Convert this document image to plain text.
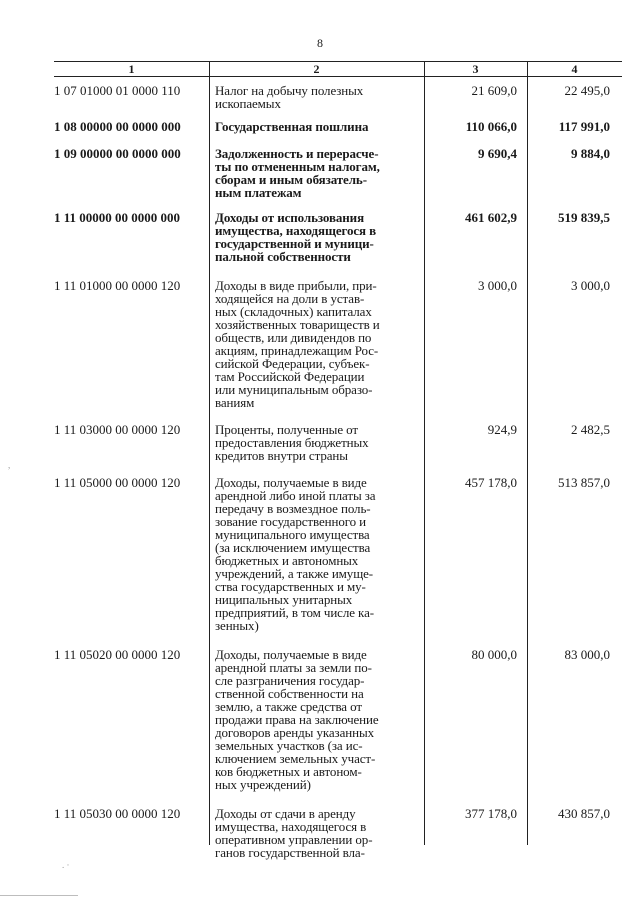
8
1	2	3	4
1 07 01000 01 0000 110	Налог на добычу полезных
ископаемых
21 609,0	22 495,0
1 08 00000 00 0000 000	Государственная пошлина	110 066,0	117 991,0
1 09 00000 00 0000 000	Задолженность и перерасче-
ты по отмененным налогам,
сборам и иным обязатель-
ным платежам
9 690,4	9 884,0
1 11 00000 00 0000 000	Доходы от использования
имущества, находящегося в
государственной и муници-
пальной собственности
461 602,9	519 839,5
1 11 01000 00 0000 120	Доходы в виде прибыли, при-
ходящейся на доли в устав-
ных (складочных) капиталах
хозяйственных товариществ и
обществ, или дивидендов по
акциям, принадлежащим Рос-
сийской Федерации, субъек-
там Российской Федерации
или муниципальным образо-
ваниям
3 000,0	3 000,0
1 11 03000 00 0000 120	Проценты, полученные от
предоставления бюджетных
кредитов внутри страны
924,9	2 482,5
1 11 05000 00 0000 120	Доходы, получаемые в виде
арендной либо иной платы за
передачу в возмездное поль-
зование государственного и
муниципального имущества
(за исключением имущества
бюджетных и автономных
учреждений, а также имуще-
ства государственных и му-
ниципальных унитарных
предприятий, в том числе ка-
зенных)
457 178,0	513 857,0
1 11 05020 00 0000 120	Доходы, получаемые в виде
арендной платы за земли по-
сле разграничения государ-
ственной собственности на
землю, а также средства от
продажи права на заключение
договоров аренды указанных
земельных участков (за ис-
ключением земельных участ-
ков бюджетных и автоном-
ных учреждений)
80 000,0	83 000,0
1 11 05030 00 0000 120	Доходы от сдачи в аренду
имущества, находящегося в
оперативном управлении ор-
ганов государственной вла-
377 178,0	430 857,0
,
. ·
